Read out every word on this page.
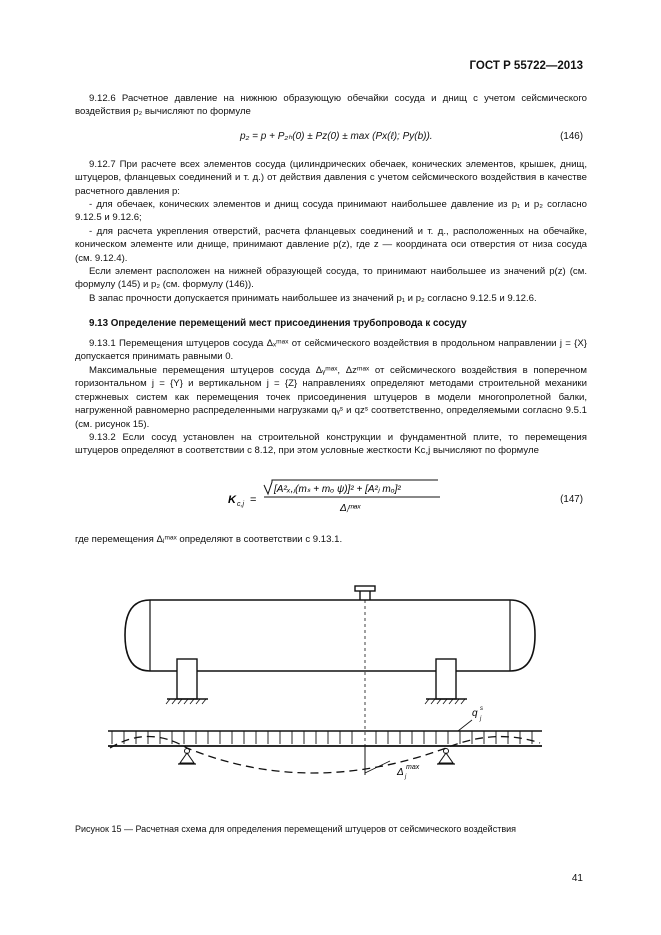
ГОСТ Р 55722—2013

9.12.6 Расчетное давление на нижнюю образующую обечайки сосуда и днищ с учетом сейсмического воздействия p₂ вычисляют по формуле

p₂ = p + P₂ₕ(0) ± Pz(0) ± max (Px(ℓ); Py(b)).	(146)

9.12.7 При расчете всех элементов сосуда (цилиндрических обечаек, конических элементов, крышек, днищ, штуцеров, фланцевых соединений и т. д.) от действия давления с учетом сейсмического воздействия в качестве расчетного давления p:

- для обечаек, конических элементов и днищ сосуда принимают наибольшее давление из p₁ и p₂ согласно 9.12.5 и 9.12.6;

- для расчета укрепления отверстий, расчета фланцевых соединений и т. д., расположенных на обечайке, коническом элементе или днище, принимают давление p(z), где z — координата оси отверстия от низа сосуда (см. 9.12.4).

Если элемент расположен на нижней образующей сосуда, то принимают наибольшее из значений p(z) (см. формулу (145) и p₂ (см. формулу (146)).

В запас прочности допускается принимать наибольшее из значений p₁ и p₂ согласно 9.12.5 и 9.12.6.

9.13 Определение перемещений мест присоединения трубопровода к сосуду

9.13.1 Перемещения штуцеров сосуда Δₓᵐᵃˣ от сейсмического воздействия в продольном направлении j = {X} допускается принимать равными 0.

Максимальные перемещения штуцеров сосуда Δᵧᵐᵃˣ, Δzᵐᵃˣ от сейсмического воздействия в поперечном горизонтальном j = {Y} и вертикальном j = {Z} направлениях определяют методами строительной механики стержневых систем как перемещения точек присоединения штуцеров в модели многопролетной балки, нагруженной равномерно распределенными нагрузками qᵧˢ и qzˢ соответственно, определяемыми согласно 9.5.1 (см. рисунок 15).

9.13.2 Если сосуд установлен на строительной конструкции и фундаментной плите, то перемещения штуцеров определяют в соответствии с 8.12, при этом условные жесткости Kc,j вычисляют по формуле

K c,j =
[A²ₓ,ⱼ(mₛ + mₒ ψ)]² + [A²ⱼ mₒ]²
Δⱼᵐᵃˣ
(147)

где перемещения Δⱼᵐᵃˣ определяют в соответствии с 9.13.1.

Δ j
max
q s
j
Рисунок 15 — Расчетная схема для определения перемещений штуцеров от сейсмического воздействия
41
